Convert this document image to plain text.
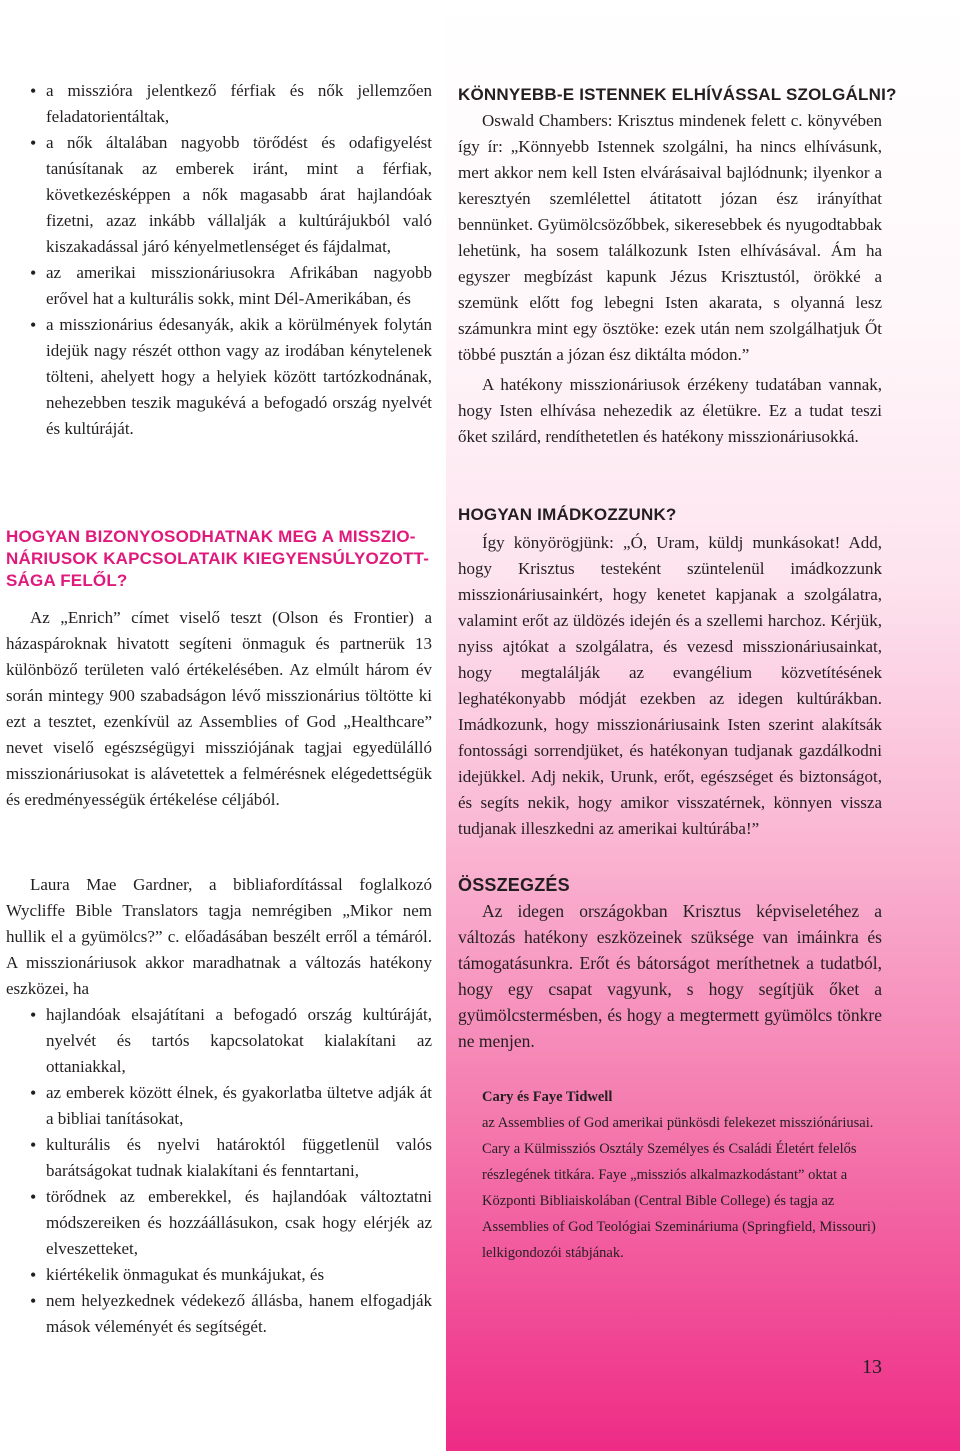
• a misszióra jelentkező férfiak és nők jellemzően feladatorientáltak,
• a nők általában nagyobb törődést és odafigyelést tanúsítanak az emberek iránt, mint a férfiak, következésképpen a nők magasabb árat hajlandóak fizetni, azaz inkább vállalják a kultúrájukból való kiszakadással járó kényelmetlenséget és fájdalmat,
• az amerikai misszionáriusokra Afrikában nagyobb erővel hat a kulturális sokk, mint Dél-Amerikában, és
• a misszionárius édesanyák, akik a körülmények folytán idejük nagy részét otthon vagy az irodában kénytelenek tölteni, ahelyett hogy a helyiek között tartózkodnának, nehezebben teszik magukévá a befogadó ország nyelvét és kultúráját.
HOGYAN BIZONYOSODHATNAK MEG A MISSZIO-
NÁRIUSOK KAPCSOLATAIK KIEGYENSÚLYOZOTT-
SÁGA FELŐL?
Az „Enrich” címet viselő teszt (Olson és Frontier) a házaspároknak hivatott segíteni önmaguk és partnerük 13 különböző területen való értékelésében. Az elmúlt három év során mintegy 900 szabadságon lévő misszionárius töltötte ki ezt a tesztet, ezenkívül az Assemblies of God „Healthcare” nevet viselő egészségügyi missziójának tagjai egyedülálló misszionáriusokat is alávetettek a felmérésnek elégedettségük és eredményességük értékelése céljából.
Laura Mae Gardner, a bibliafordítással foglalkozó Wycliffe Bible Translators tagja nemrégiben „Mikor nem hullik el a gyümölcs?” c. előadásában beszélt erről a témáról. A misszionáriusok akkor maradhatnak a változás hatékony eszközei, ha
• hajlandóak elsajátítani a befogadó ország kultúráját, nyelvét és tartós kapcsolatokat kialakítani az ottaniakkal,
• az emberek között élnek, és gyakorlatba ültetve adják át a bibliai tanításokat,
• kulturális és nyelvi határoktól függetlenül valós barátságokat tudnak kialakítani és fenntartani,
• törődnek az emberekkel, és hajlandóak változtatni módszereiken és hozzáállásukon, csak hogy elérjék az elveszetteket,
• kiértékelik önmagukat és munkájukat, és
• nem helyezkednek védekező állásba, hanem elfogadják mások véleményét és segítségét.
KÖNNYEBB-E ISTENNEK ELHÍVÁSSAL SZOLGÁLNI?
Oswald Chambers: Krisztus mindenek felett c. könyvében így ír: „Könnyebb Istennek szolgálni, ha nincs elhívásunk, mert akkor nem kell Isten elvárásaival bajlódnunk; ilyenkor a keresztyén szemlélettel átitatott józan ész irányíthat bennünket. Gyümölcsözőbbek, sikeresebbek és nyugodtabbak lehetünk, ha sosem találkozunk Isten elhívásával. Ám ha egyszer megbízást kapunk Jézus Krisztustól, örökké a szemünk előtt fog lebegni Isten akarata, s olyanná lesz számunkra mint egy ösztöke: ezek után nem szolgálhatjuk Őt többé pusztán a józan ész diktálta módon.”
A hatékony misszionáriusok érzékeny tudatában vannak, hogy Isten elhívása nehezedik az életükre. Ez a tudat teszi őket szilárd, rendíthetetlen és hatékony misszionáriusokká.
HOGYAN IMÁDKOZZUNK?
Így könyörögjünk: „Ó, Uram, küldj munkásokat! Add, hogy Krisztus testeként szüntelenül imádkozzunk misszionáriusainkért, hogy kenetet kapjanak a szolgálatra, valamint erőt az üldözés idején és a szellemi harchoz. Kérjük, nyiss ajtókat a szolgálatra, és vezesd misszionáriusainkat, hogy megtalálják az evangélium közvetítésének leghatékonyabb módját ezekben az idegen kultúrákban. Imádkozunk, hogy misszionáriusaink Isten szerint alakítsák fontossági sorrendjüket, és hatékonyan tudjanak gazdálkodni idejükkel. Adj nekik, Urunk, erőt, egészséget és biztonságot, és segíts nekik, hogy amikor visszatérnek, könnyen vissza tudjanak illeszkedni az amerikai kultúrába!”
ÖSSZEGZÉS
Az idegen országokban Krisztus képviseletéhez a változás hatékony eszközeinek szüksége van imáinkra és támogatásunkra. Erőt és bátorságot meríthetnek a tudatból, hogy egy csapat vagyunk, s hogy segítjük őket a gyümölcstermésben, és hogy a megtermett gyümölcs tönkre ne menjen.
Cary és Faye Tidwell
az Assemblies of God amerikai pünkösdi felekezet missziónáriusai. Cary a Külmissziós Osztály Személyes és Családi Életért felelős részlegének titkára. Faye „missziós alkalmazkodástant” oktat a Központi Bibliaiskolában (Central Bible College) és tagja az Assemblies of God Teológiai Szemináriuma (Springfield, Missouri) lelkigondozói stábjának.
13
